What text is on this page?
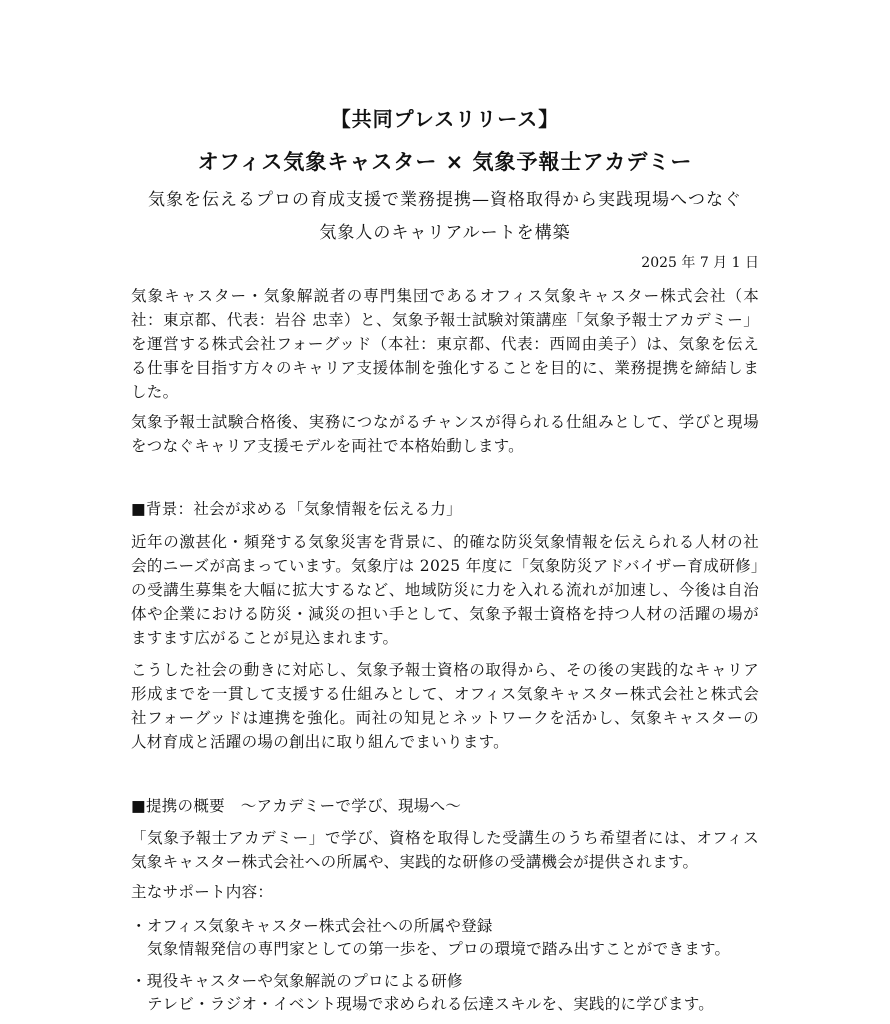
【共同プレスリリース】
オフィス気象キャスター × 気象予報士アカデミー
気象を伝えるプロの育成支援で業務提携—資格取得から実践現場へつなぐ
気象人のキャリアルートを構築
2025 年 7 月 1 日

気象キャスター・気象解説者の専門集団であるオフィス気象キャスター株式会社（本社：東京都、代表：岩谷 忠幸）と、気象予報士試験対策講座「気象予報士アカデミー」を運営する株式会社フォーグッド（本社：東京都、代表：西岡由美子）は、気象を伝える仕事を目指す方々のキャリア支援体制を強化することを目的に、業務提携を締結しました。

気象予報士試験合格後、実務につながるチャンスが得られる仕組みとして、学びと現場をつなぐキャリア支援モデルを両社で本格始動します。

■背景：社会が求める「気象情報を伝える力」

近年の激甚化・頻発する気象災害を背景に、的確な防災気象情報を伝えられる人材の社会的ニーズが高まっています。気象庁は 2025 年度に「気象防災アドバイザー育成研修」の受講生募集を大幅に拡大するなど、地域防災に力を入れる流れが加速し、今後は自治体や企業における防災・減災の担い手として、気象予報士資格を持つ人材の活躍の場がますます広がることが見込まれます。

こうした社会の動きに対応し、気象予報士資格の取得から、その後の実践的なキャリア形成までを一貫して支援する仕組みとして、オフィス気象キャスター株式会社と株式会社フォーグッドは連携を強化。両社の知見とネットワークを活かし、気象キャスターの人材育成と活躍の場の創出に取り組んでまいります。

■提携の概要　～アカデミーで学び、現場へ～

「気象予報士アカデミー」で学び、資格を取得した受講生のうち希望者には、オフィス気象キャスター株式会社への所属や、実践的な研修の受講機会が提供されます。

主なサポート内容：
・オフィス気象キャスター株式会社への所属や登録
気象情報発信の専門家としての第一歩を、プロの環境で踏み出すことができます。
・現役キャスターや気象解説のプロによる研修
テレビ・ラジオ・イベント現場で求められる伝達スキルを、実践的に学びます。
